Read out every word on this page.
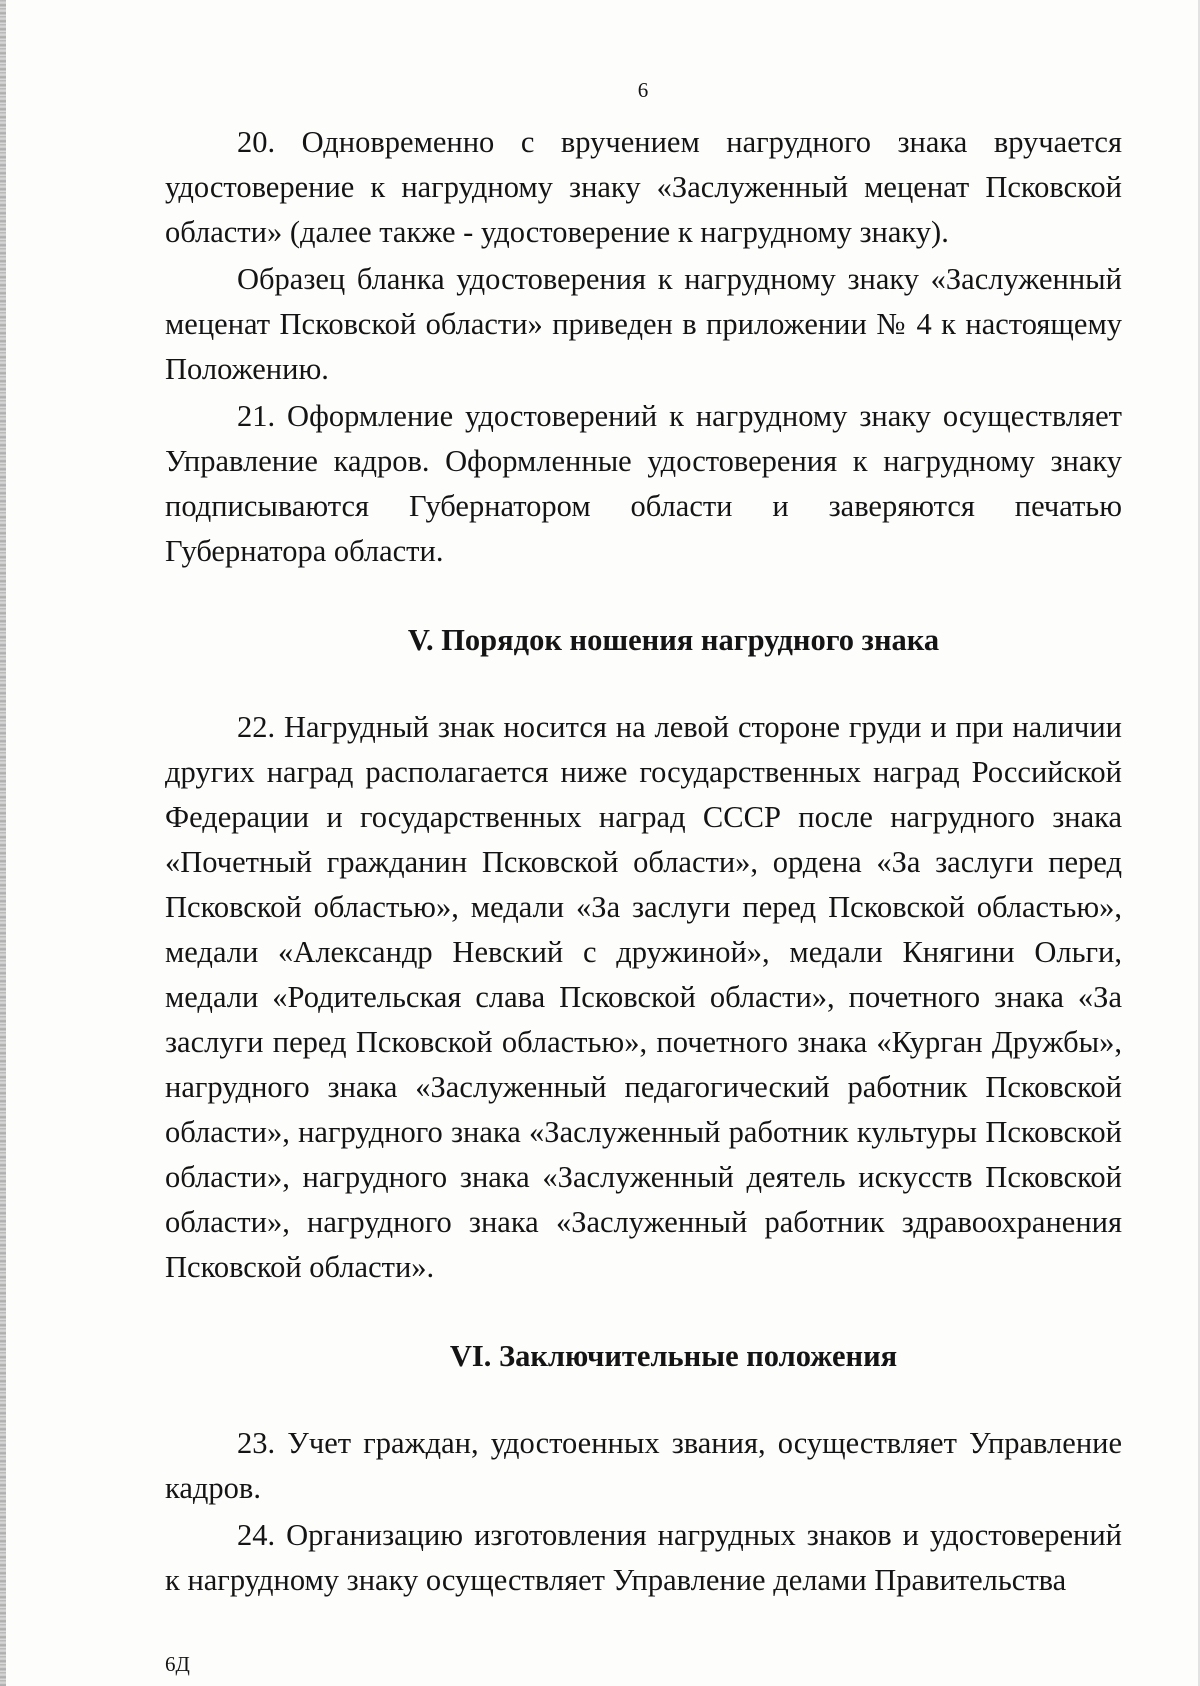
6

20. Одновременно с вручением нагрудного знака вручается удостоверение к нагрудному знаку «Заслуженный меценат Псковской области» (далее также - удостоверение к нагрудному знаку).

Образец бланка удостоверения к нагрудному знаку «Заслуженный меценат Псковской области» приведен в приложении № 4 к настоящему Положению.

21. Оформление удостоверений к нагрудному знаку осуществляет Управление кадров. Оформленные удостоверения к нагрудному знаку подписываются Губернатором области и заверяются печатью Губернатора области.

V. Порядок ношения нагрудного знака

22. Нагрудный знак носится на левой стороне груди и при наличии других наград располагается ниже государственных наград Российской Федерации и государственных наград СССР после нагрудного знака «Почетный гражданин Псковской области», ордена «За заслуги перед Псковской областью», медали «За заслуги перед Псковской областью», медали «Александр Невский с дружиной», медали Княгини Ольги, медали «Родительская слава Псковской области», почетного знака «За заслуги перед Псковской областью», почетного знака «Курган Дружбы», нагрудного знака «Заслуженный педагогический работник Псковской области», нагрудного знака «Заслуженный работник культуры Псковской области», нагрудного знака «Заслуженный деятель искусств Псковской области», нагрудного знака «Заслуженный работник здравоохранения Псковской области».

VI. Заключительные положения

23. Учет граждан, удостоенных звания, осуществляет Управление кадров.

24. Организацию изготовления нагрудных знаков и удостоверений к нагрудному знаку осуществляет Управление делами Правительства

6Д
